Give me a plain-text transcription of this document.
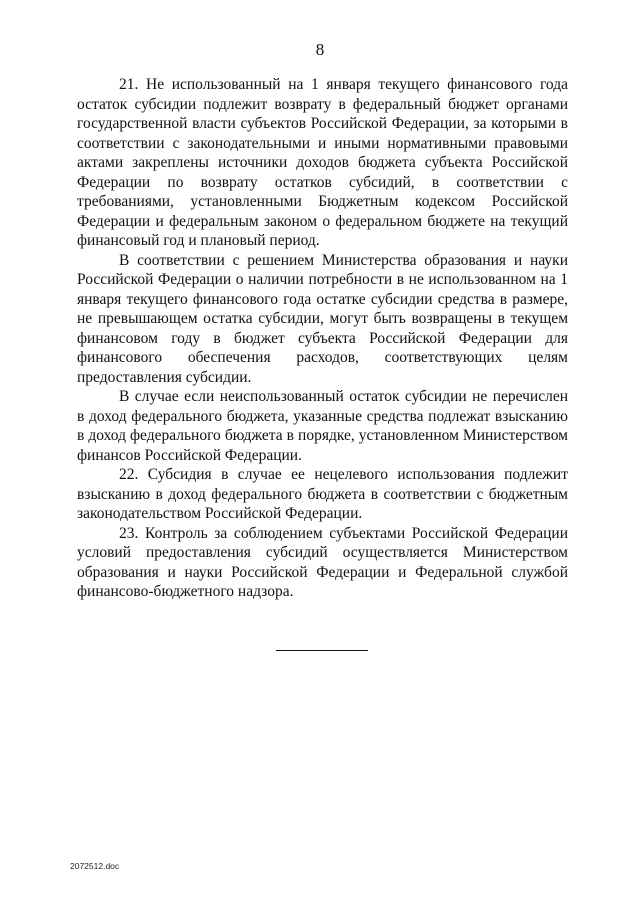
8

21. Не использованный на 1 января текущего финансового года остаток субсидии подлежит возврату в федеральный бюджет органами государственной власти субъектов Российской Федерации, за которыми в соответствии с законодательными и иными нормативными правовыми актами закреплены источники доходов бюджета субъекта Российской Федерации по возврату остатков субсидий, в соответствии с требованиями, установленными Бюджетным кодексом Российской Федерации и федеральным законом о федеральном бюджете на текущий финансовый год и плановый период.

В соответствии с решением Министерства образования и науки Российской Федерации о наличии потребности в не использованном на 1 января текущего финансового года остатке субсидии средства в размере, не превышающем остатка субсидии, могут быть возвращены в текущем финансовом году в бюджет субъекта Российской Федерации для финансового обеспечения расходов, соответствующих целям предоставления субсидии.

В случае если неиспользованный остаток субсидии не перечислен в доход федерального бюджета, указанные средства подлежат взысканию в доход федерального бюджета в порядке, установленном Министерством финансов Российской Федерации.

22. Субсидия в случае ее нецелевого использования подлежит взысканию в доход федерального бюджета в соответствии с бюджетным законодательством Российской Федерации.

23. Контроль за соблюдением субъектами Российской Федерации условий предоставления субсидий осуществляется Министерством образования и науки Российской Федерации и Федеральной службой финансово-бюджетного надзора.

2072512.doc
